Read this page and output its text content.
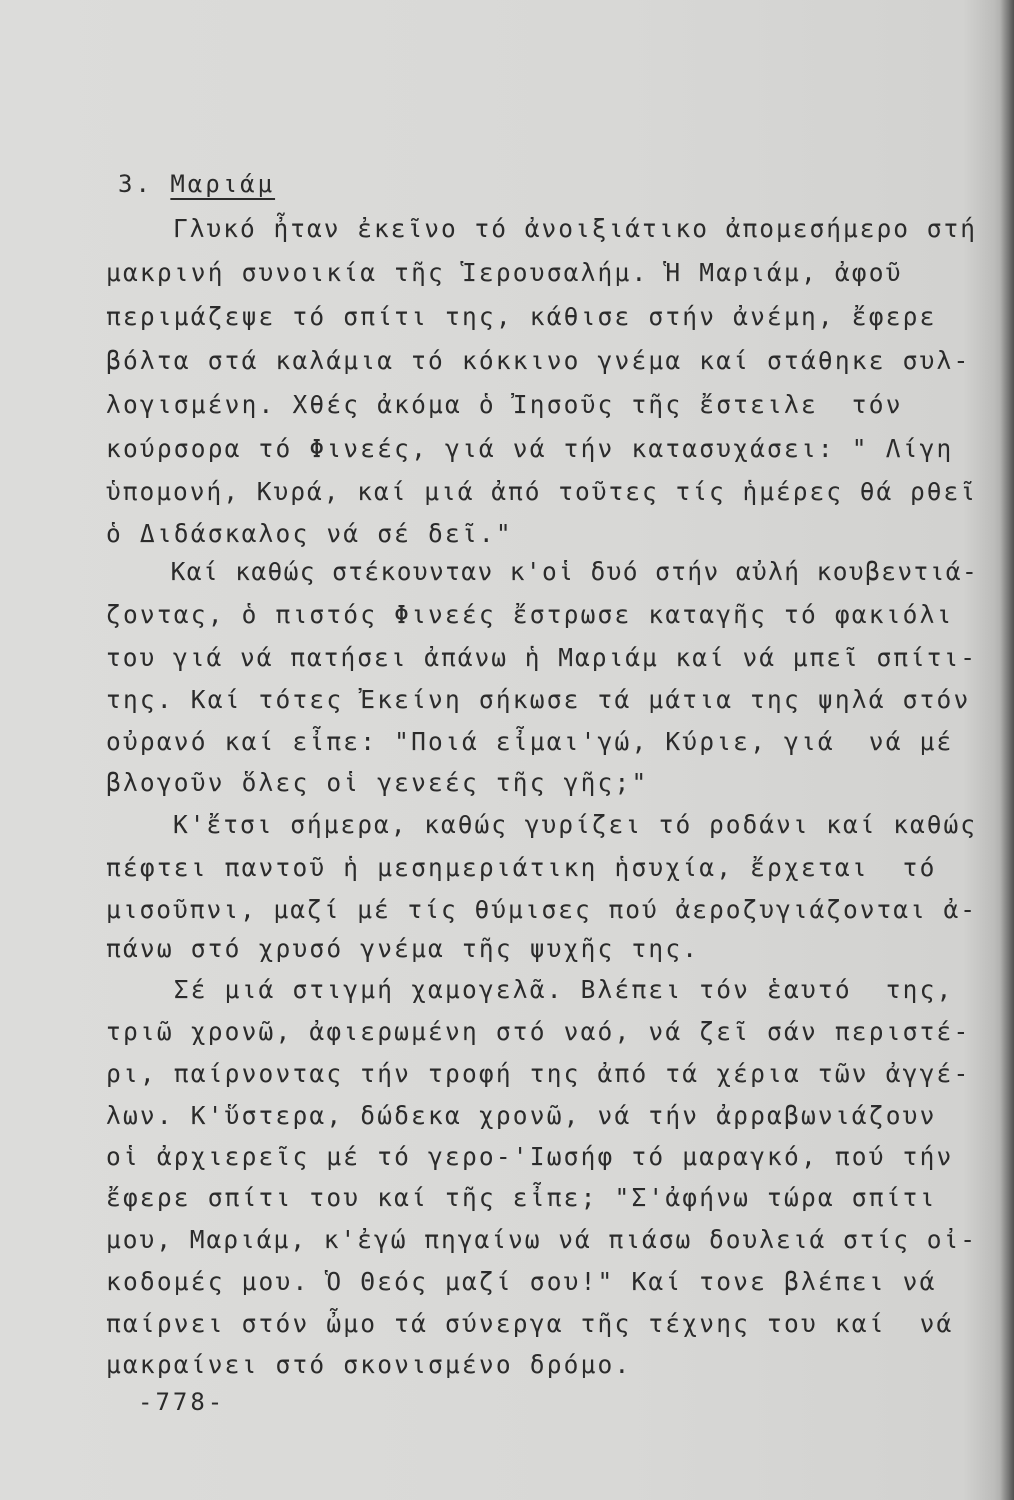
3. Μαριάμ
Γλυκό ἦταν ἐκεῖνο τό ἀνοιξιάτικο ἀπομεσήμερο στή
μακρινή συνοικία τῆς Ἱερουσαλήμ. Ἡ Μαριάμ, ἀφοῦ
περιμάζεψε τό σπίτι της, κάθισε στήν ἀνέμη, ἔφερε
βόλτα στά καλάμια τό κόκκινο γνέμα καί στάθηκε συλ-
λογισμένη. Χθές ἀκόμα ὁ Ἰησοῦς τῆς ἔστειλε  τόν
κούρσορα τό Φινεές, γιά νά τήν κατασυχάσει: " Λίγη
ὑπομονή, Κυρά, καί μιά ἀπό τοῦτες τίς ἡμέρες θά ρθεῖ
ὁ Διδάσκαλος νά σέ δεῖ."
Καί καθώς στέκουνταν κ'οἱ δυό στήν αὐλή κουβεντιά-
ζοντας, ὁ πιστός Φινεές ἔστρωσε καταγῆς τό φακιόλι
του γιά νά πατήσει ἀπάνω ἡ Μαριάμ καί νά μπεῖ σπίτι-
της. Καί τότες Ἐκείνη σήκωσε τά μάτια της ψηλά στόν
οὐρανό καί εἶπε: "Ποιά εἶμαι'γώ, Κύριε, γιά  νά μέ
βλογοῦν ὅλες οἱ γενεές τῆς γῆς;"
Κ'ἔτσι σήμερα, καθώς γυρίζει τό ροδάνι καί καθώς
πέφτει παντοῦ ἡ μεσημεριάτικη ἡσυχία, ἔρχεται  τό
μισοῦπνι, μαζί μέ τίς θύμισες πού ἀεροζυγιάζονται ἀ-
πάνω στό χρυσό γνέμα τῆς ψυχῆς της.
Σέ μιά στιγμή χαμογελᾶ. Βλέπει τόν ἑαυτό  της,
τριῶ χρονῶ, ἀφιερωμένη στό ναό, νά ζεῖ σάν περιστέ-
ρι, παίρνοντας τήν τροφή της ἀπό τά χέρια τῶν ἀγγέ-
λων. Κ'ὕστερα, δώδεκα χρονῶ, νά τήν ἀρραβωνιάζουν
οἱ ἀρχιερεῖς μέ τό γερο-'Ιωσήφ τό μαραγκό, πού τήν
ἔφερε σπίτι του καί τῆς εἶπε; "Σ'ἀφήνω τώρα σπίτι
μου, Μαριάμ, κ'ἐγώ πηγαίνω νά πιάσω δουλειά στίς οἰ-
κοδομές μου. Ὁ Θεός μαζί σου!" Καί τονε βλέπει νά
παίρνει στόν ὦμο τά σύνεργα τῆς τέχνης του καί  νά
μακραίνει στό σκονισμένο δρόμο.
-778-
